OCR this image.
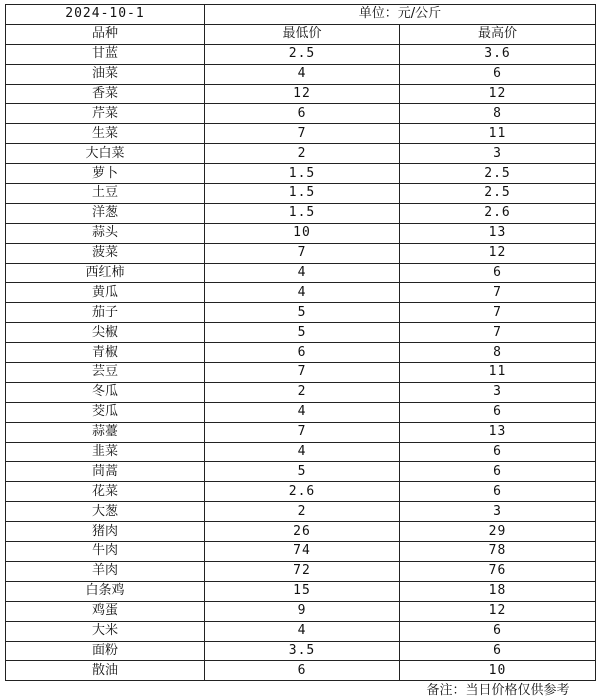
2024-10-1	单位：元/公斤	
品种	最低价	最高价
甘蓝	2.5	3.6
油菜	4	6
香菜	12	12
芹菜	6	8
生菜	7	11
大白菜	2	3
萝卜	1.5	2.5
土豆	1.5	2.5
洋葱	1.5	2.6
蒜头	10	13
菠菜	7	12
西红柿	4	6
黄瓜	4	7
茄子	5	7
尖椒	5	7
青椒	6	8
芸豆	7	11
冬瓜	2	3
茭瓜	4	6
蒜薹	7	13
韭菜	4	6
茼蒿	5	6
花菜	2.6	6
大葱	2	3
猪肉	26	29
牛肉	74	78
羊肉	72	76
白条鸡	15	18
鸡蛋	9	12
大米	4	6
面粉	3.5	6
散油	6	10
	备注：当日价格仅供参考	
